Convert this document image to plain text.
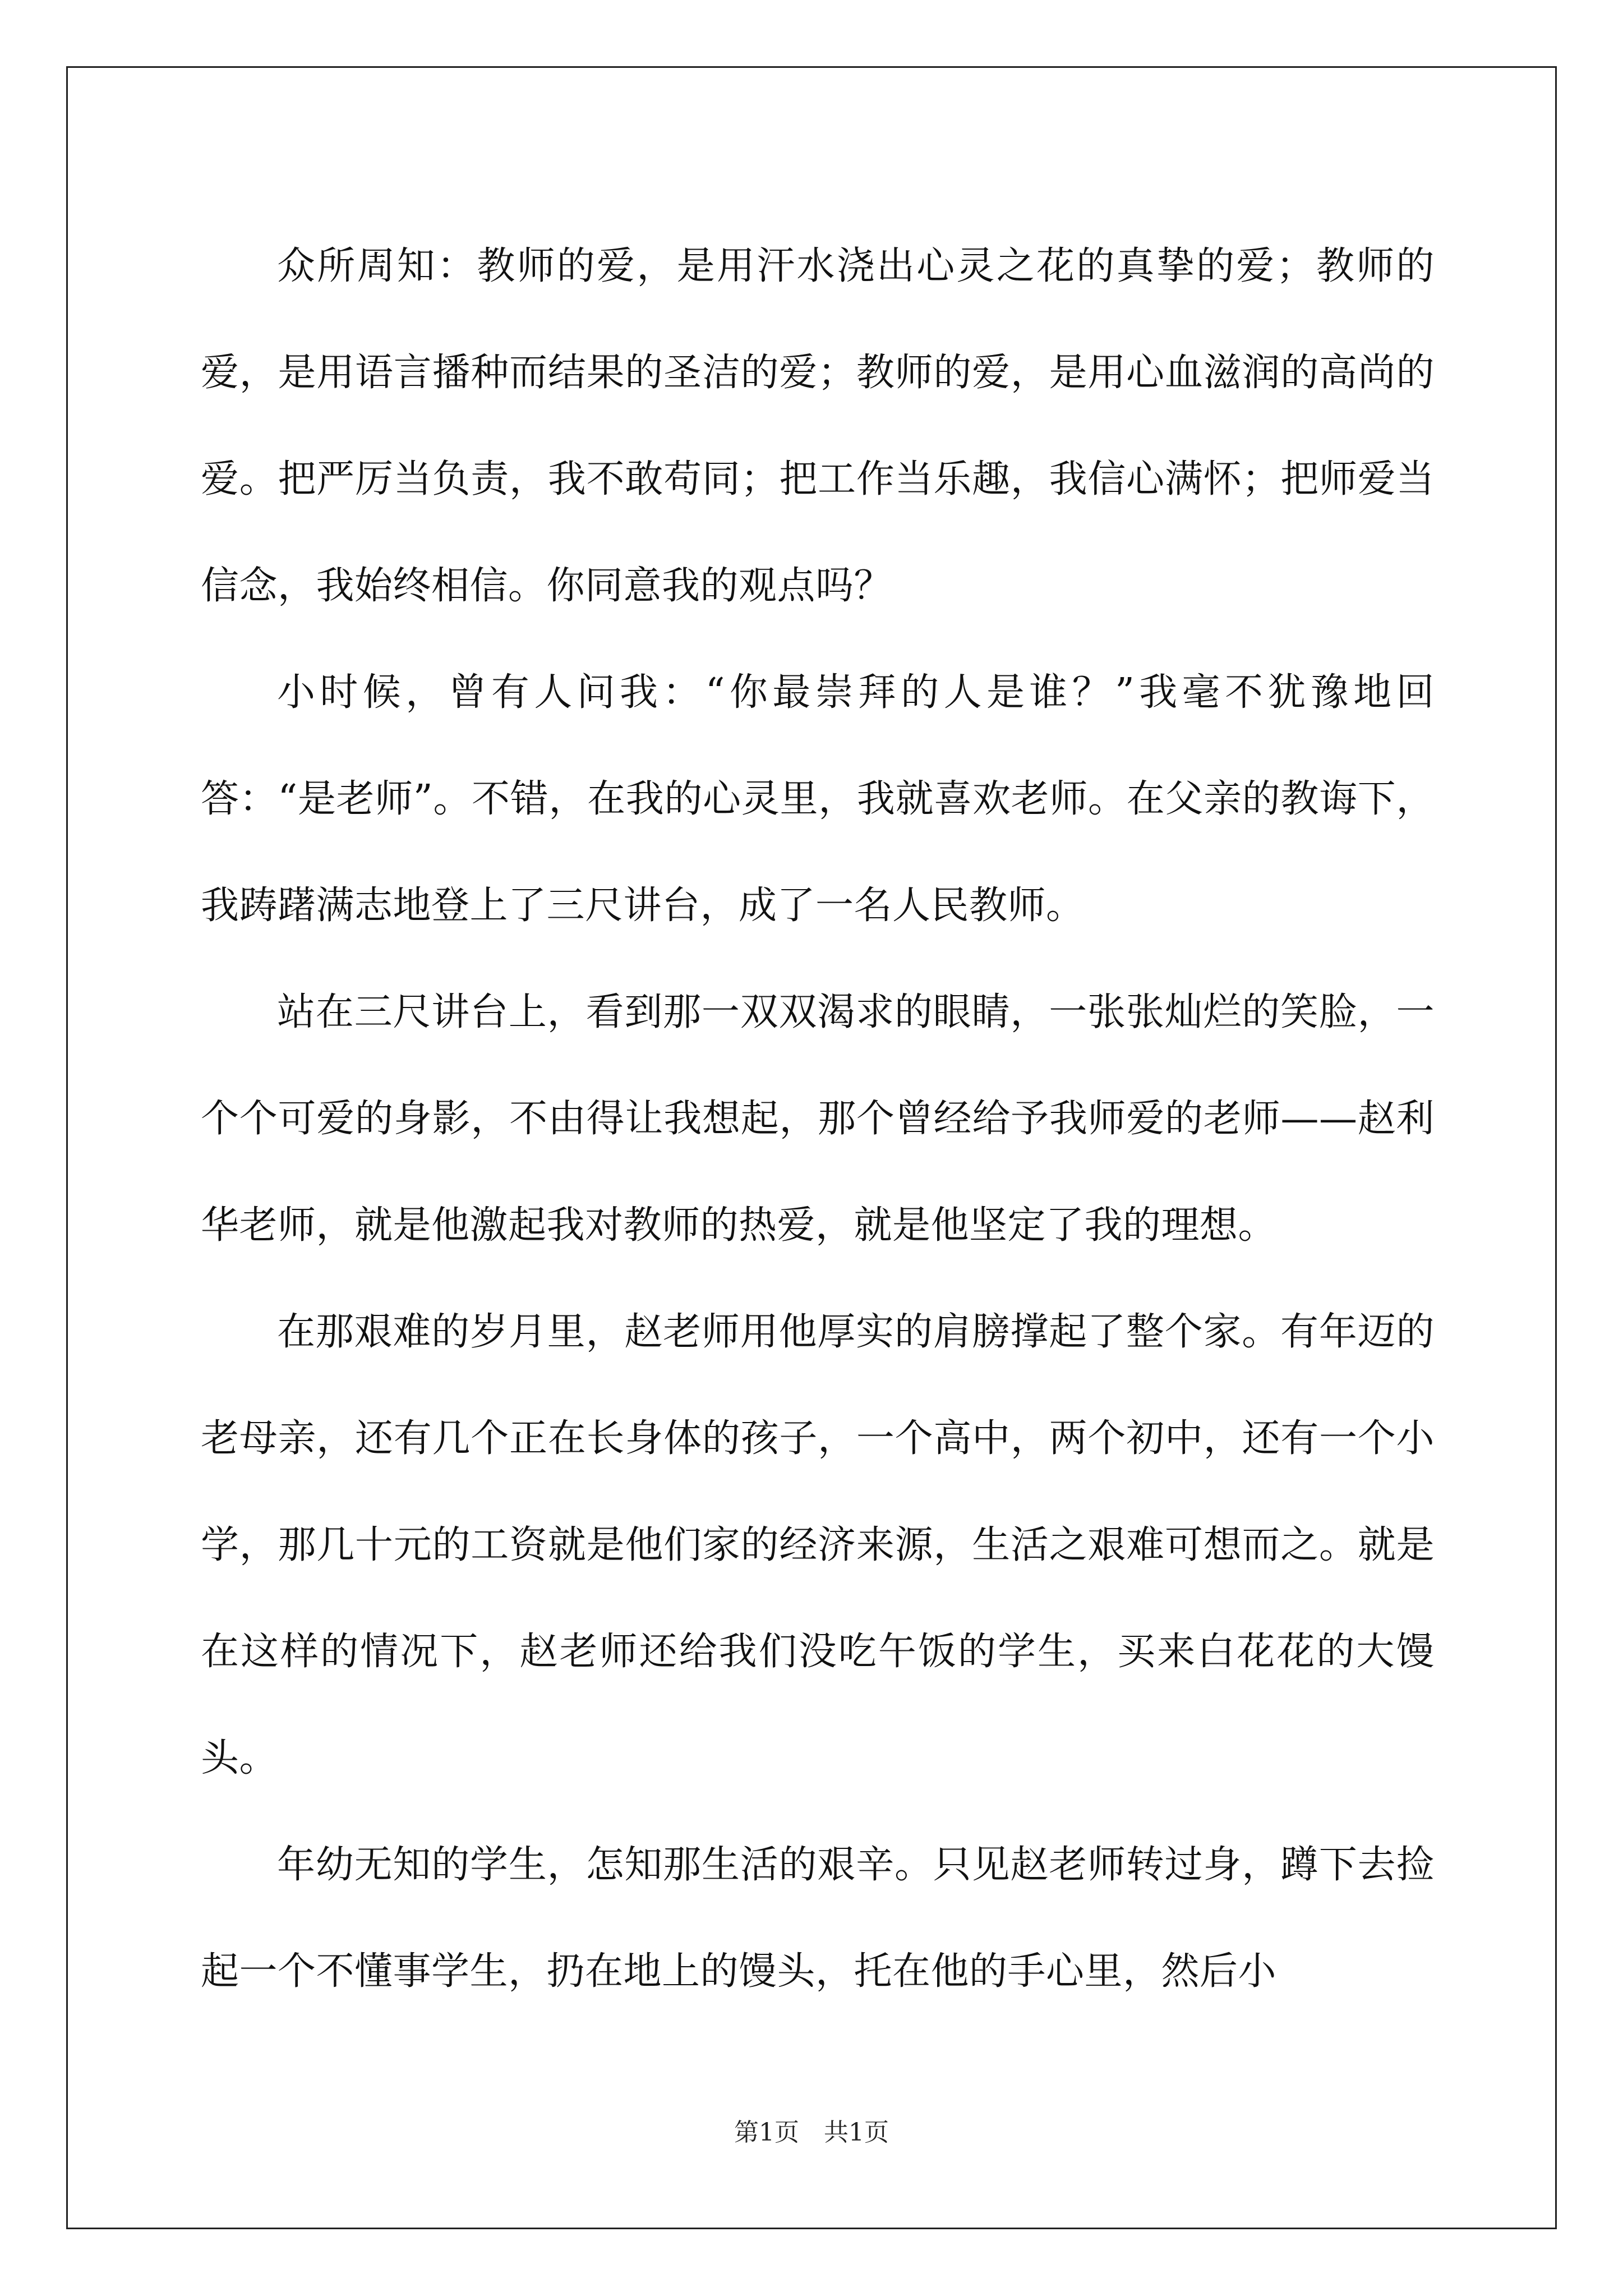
众所周知：教师的爱，是用汗水浇出心灵之花的真挚的爱；教师的爱，是用语言播种而结果的圣洁的爱；教师的爱，是用心血滋润的高尚的爱。把严厉当负责，我不敢苟同；把工作当乐趣，我信心满怀；把师爱当信念，我始终相信。你同意我的观点吗？

小时候，曾有人问我：“你最崇拜的人是谁？”我毫不犹豫地回答：“是老师”。不错，在我的心灵里，我就喜欢老师。在父亲的教诲下，我踌躇满志地登上了三尺讲台，成了一名人民教师。

站在三尺讲台上，看到那一双双渴求的眼睛，一张张灿烂的笑脸，一个个可爱的身影，不由得让我想起，那个曾经给予我师爱的老师——赵利华老师，就是他激起我对教师的热爱，就是他坚定了我的理想。

在那艰难的岁月里，赵老师用他厚实的肩膀撑起了整个家。有年迈的老母亲，还有几个正在长身体的孩子，一个高中，两个初中，还有一个小学，那几十元的工资就是他们家的经济来源，生活之艰难可想而之。就是在这样的情况下，赵老师还给我们没吃午饭的学生，买来白花花的大馒头。

年幼无知的学生，怎知那生活的艰辛。只见赵老师转过身，蹲下去捡起一个不懂事学生，扔在地上的馒头，托在他的手心里，然后小

第1页　共1页
